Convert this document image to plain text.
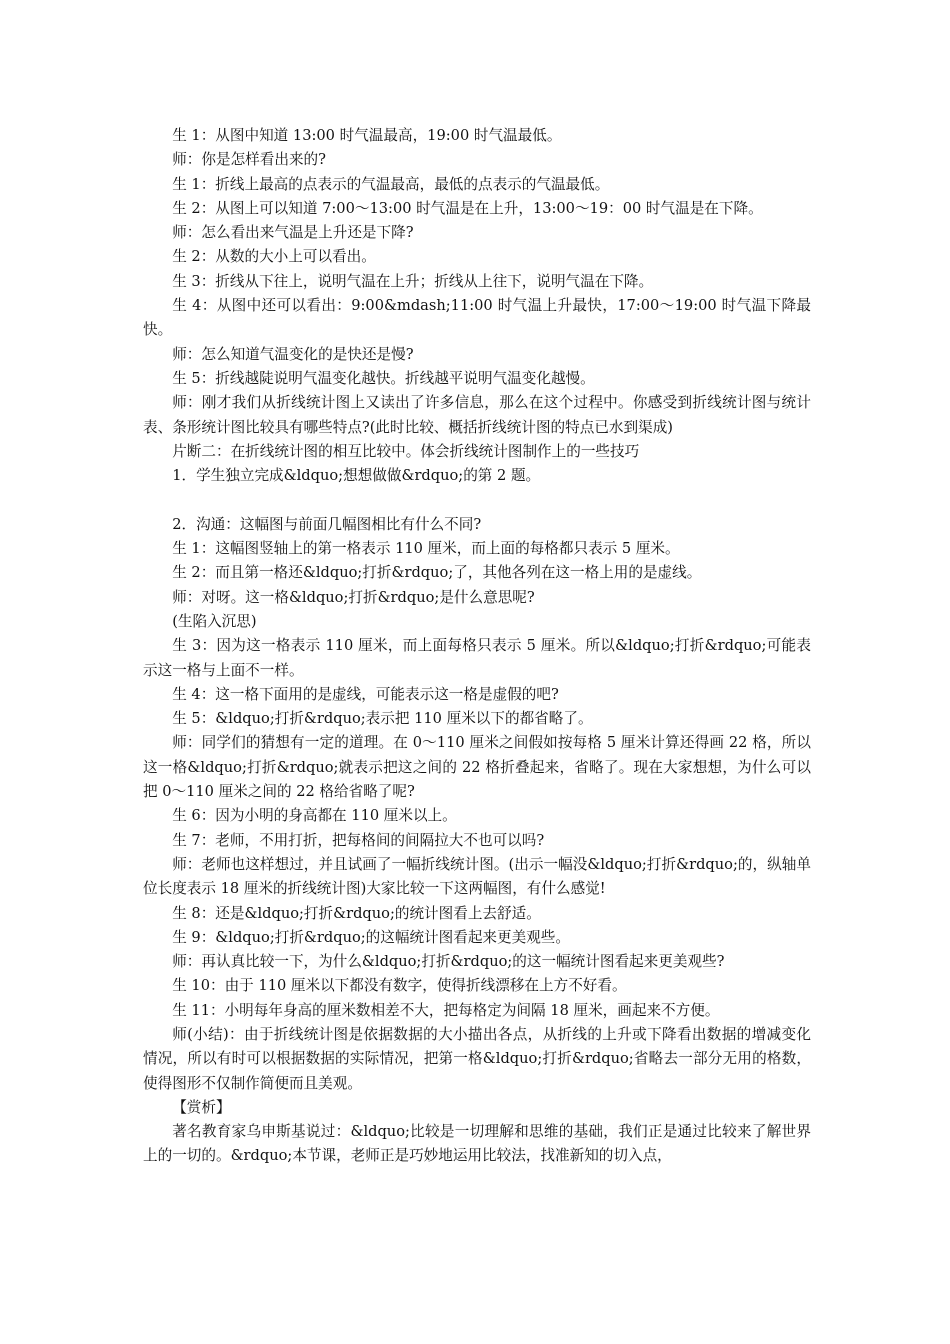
生 1：从图中知道 13:00 时气温最高，19:00 时气温最低。

师：你是怎样看出来的?

生 1：折线上最高的点表示的气温最高，最低的点表示的气温最低。

生 2：从图上可以知道 7:00～13:00 时气温是在上升，13:00～19：00 时气温是在下降。

师：怎么看出来气温是上升还是下降?

生 2：从数的大小上可以看出。

生 3：折线从下往上，说明气温在上升；折线从上往下，说明气温在下降。

生 4：从图中还可以看出：9:00&mdash;11:00 时气温上升最快，17:00～19:00 时气温下降最快。

师：怎么知道气温变化的是快还是慢?

生 5：折线越陡说明气温变化越快。折线越平说明气温变化越慢。

师：刚才我们从折线统计图上又读出了许多信息，那么在这个过程中。你感受到折线统计图与统计表、条形统计图比较具有哪些特点?(此时比较、概括折线统计图的特点已水到渠成)

片断二：在折线统计图的相互比较中。体会折线统计图制作上的一些技巧

1．学生独立完成&ldquo;想想做做&rdquo;的第 2 题。

2．沟通：这幅图与前面几幅图相比有什么不同?

生 1：这幅图竖轴上的第一格表示 110 厘米，而上面的每格都只表示 5 厘米。

生 2：而且第一格还&ldquo;打折&rdquo;了，其他各列在这一格上用的是虚线。

师：对呀。这一格&ldquo;打折&rdquo;是什么意思呢?

(生陷入沉思)

生 3：因为这一格表示 110 厘米，而上面每格只表示 5 厘米。所以&ldquo;打折&rdquo;可能表示这一格与上面不一样。

生 4：这一格下面用的是虚线，可能表示这一格是虚假的吧?

生 5：&ldquo;打折&rdquo;表示把 110 厘米以下的都省略了。

师：同学们的猜想有一定的道理。在 0～110 厘米之间假如按每格 5 厘米计算还得画 22 格，所以这一格&ldquo;打折&rdquo;就表示把这之间的 22 格折叠起来，省略了。现在大家想想，为什么可以把 0～110 厘米之间的 22 格给省略了呢?

生 6：因为小明的身高都在 110 厘米以上。

生 7：老师，不用打折，把每格间的间隔拉大不也可以吗?

师：老师也这样想过，并且试画了一幅折线统计图。(出示一幅没&ldquo;打折&rdquo;的，纵轴单位长度表示 18 厘米的折线统计图)大家比较一下这两幅图，有什么感觉!

生 8：还是&ldquo;打折&rdquo;的统计图看上去舒适。

生 9：&ldquo;打折&rdquo;的这幅统计图看起来更美观些。

师：再认真比较一下，为什么&ldquo;打折&rdquo;的这一幅统计图看起来更美观些?

生 10：由于 110 厘米以下都没有数字，使得折线漂移在上方不好看。

生 11：小明每年身高的厘米数相差不大，把每格定为间隔 18 厘米，画起来不方便。

师(小结)：由于折线统计图是依据数据的大小描出各点，从折线的上升或下降看出数据的增减变化情况，所以有时可以根据数据的实际情况，把第一格&ldquo;打折&rdquo;省略去一部分无用的格数，使得图形不仅制作简便而且美观。

【赏析】

著名教育家乌申斯基说过：&ldquo;比较是一切理解和思维的基础，我们正是通过比较来了解世界上的一切的。&rdquo;本节课，老师正是巧妙地运用比较法，找准新知的切入点，
